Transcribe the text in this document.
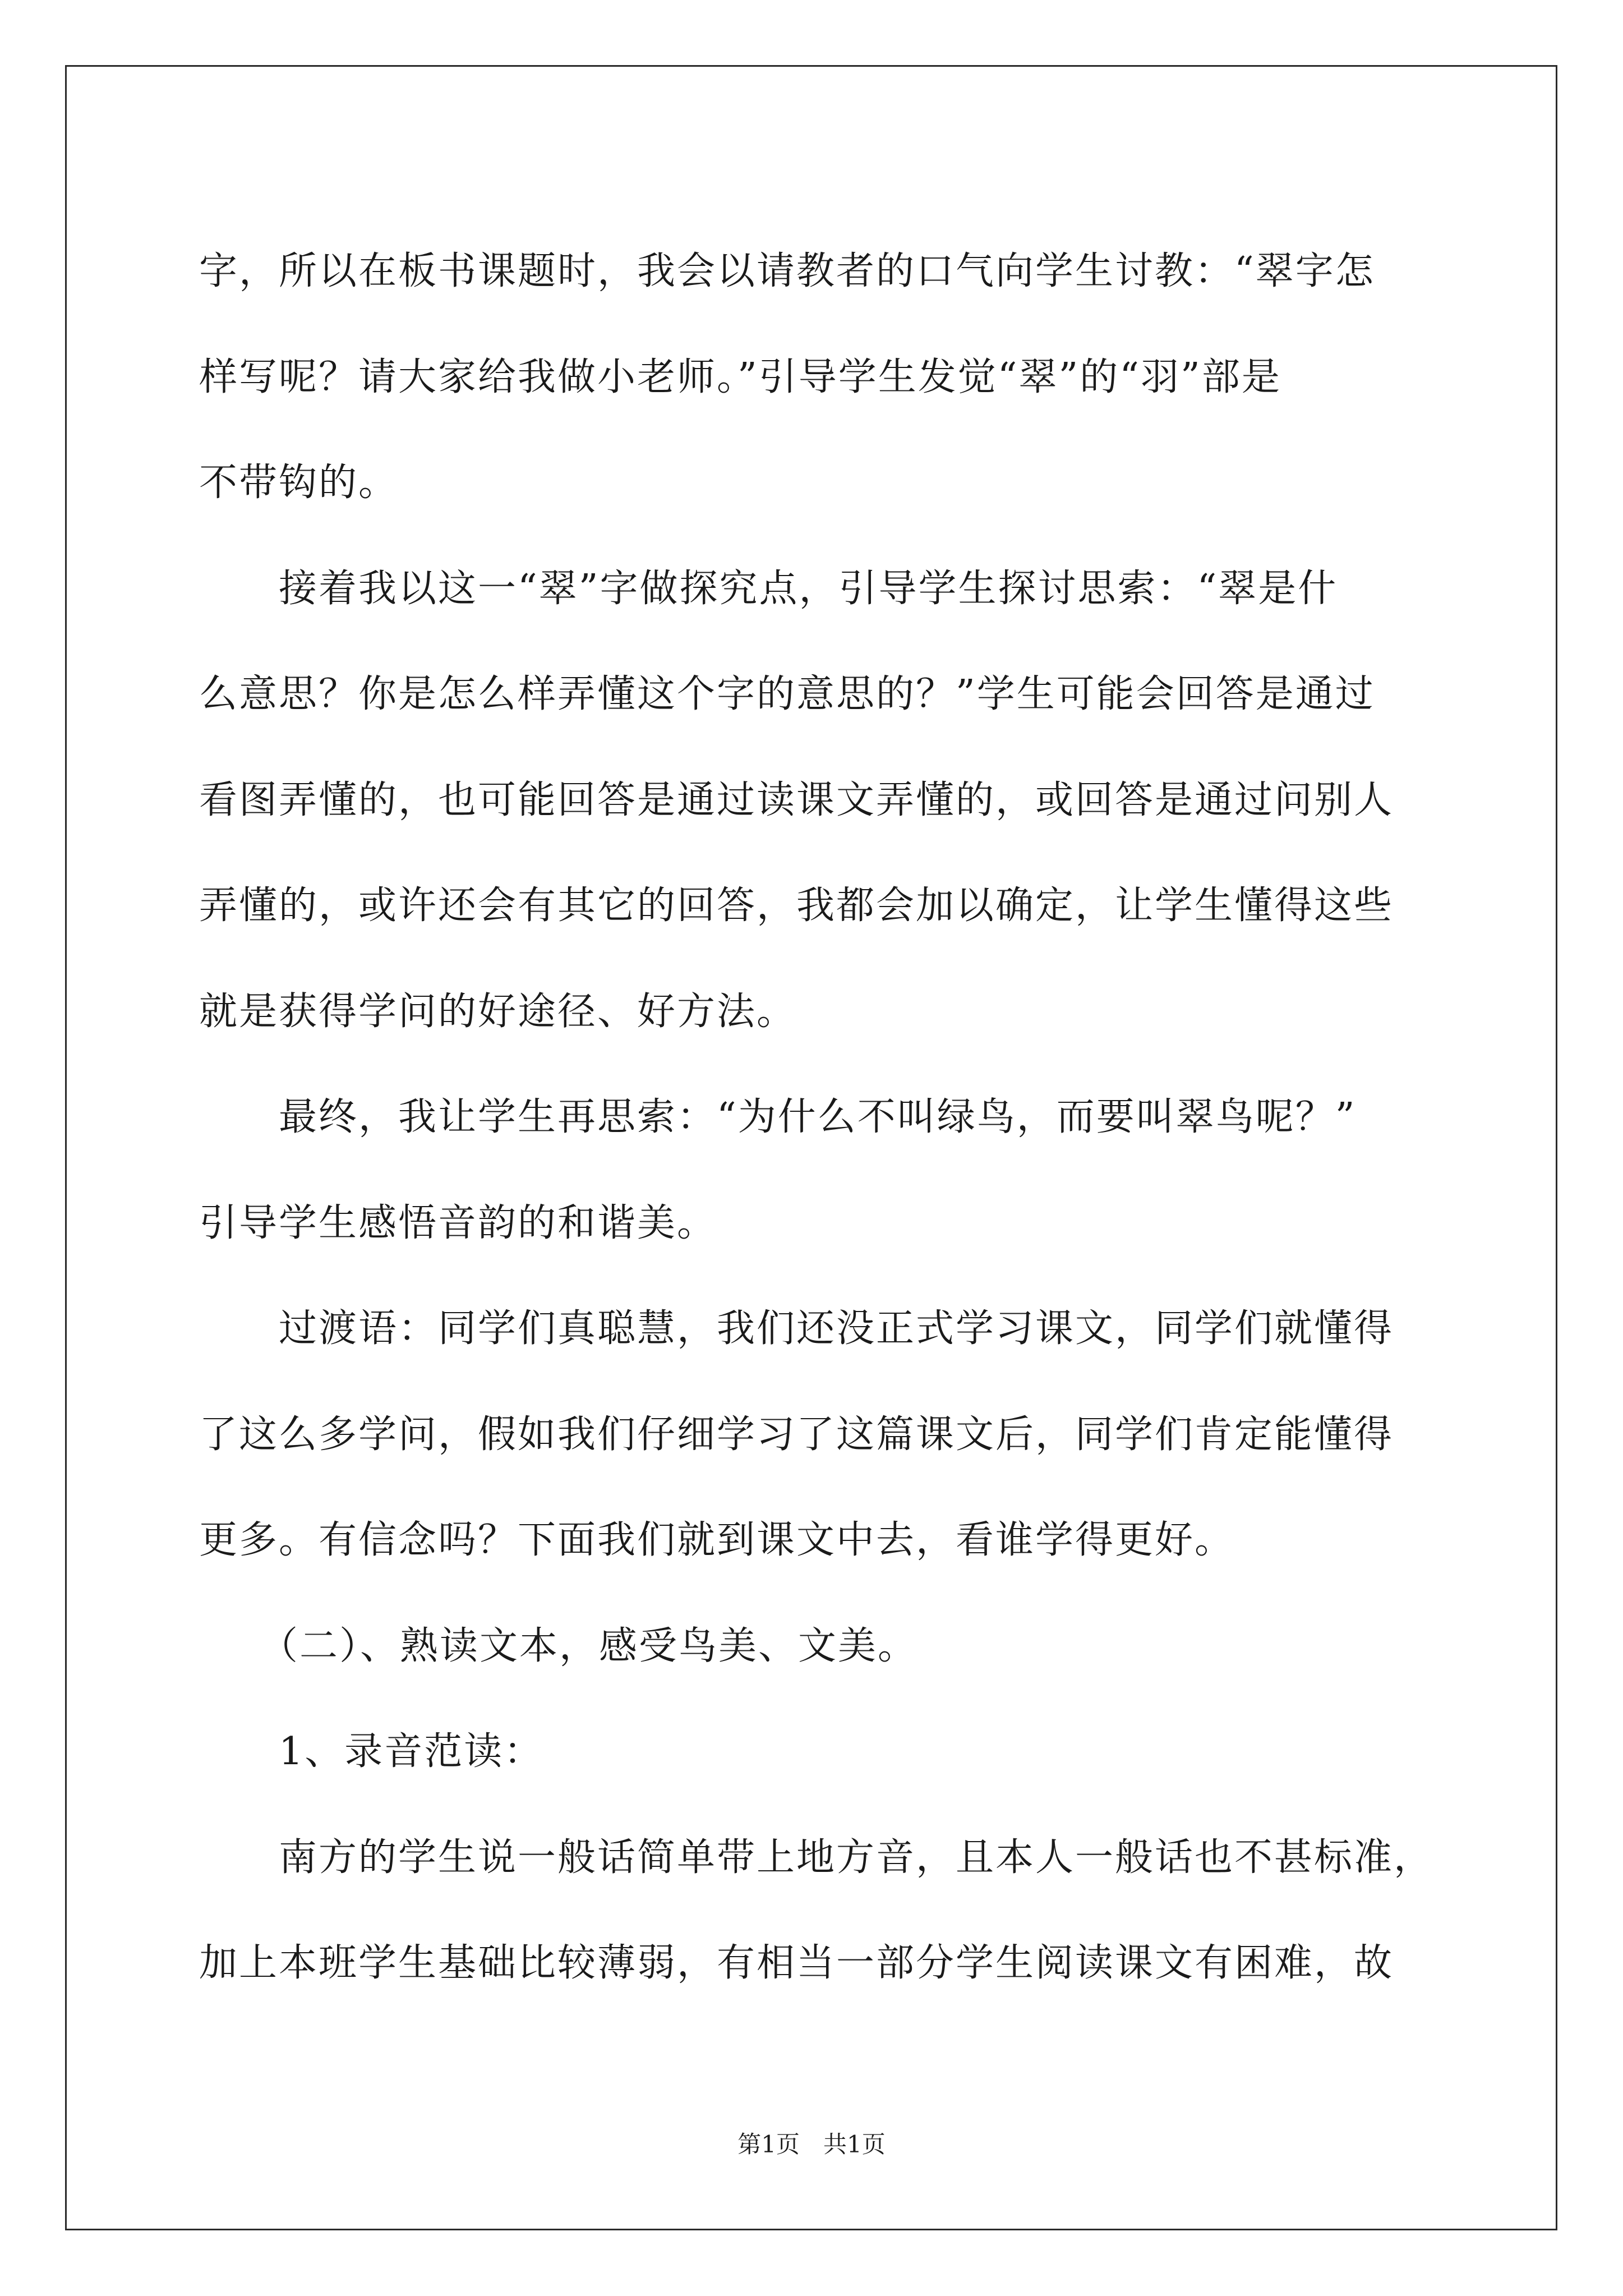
字，所以在板书课题时，我会以请教者的口气向学生讨教：“翠字怎

样写呢？请大家给我做小老师。”引导学生发觉“翠”的“羽”部是

不带钩的。

　　接着我以这一“翠”字做探究点，引导学生探讨思索：“翠是什

么意思？你是怎么样弄懂这个字的意思的？”学生可能会回答是通过

看图弄懂的，也可能回答是通过读课文弄懂的，或回答是通过问别人

弄懂的，或许还会有其它的回答，我都会加以确定，让学生懂得这些

就是获得学问的好途径、好方法。

　　最终，我让学生再思索：“为什么不叫绿鸟，而要叫翠鸟呢？”

引导学生感悟音韵的和谐美。

　　过渡语：同学们真聪慧，我们还没正式学习课文，同学们就懂得

了这么多学问，假如我们仔细学习了这篇课文后，同学们肯定能懂得

更多。有信念吗？下面我们就到课文中去，看谁学得更好。

　　（二）、熟读文本，感受鸟美、文美。

　　1、录音范读：

　　南方的学生说一般话简单带上地方音，且本人一般话也不甚标准，

加上本班学生基础比较薄弱，有相当一部分学生阅读课文有困难，故

第1页　共1页
